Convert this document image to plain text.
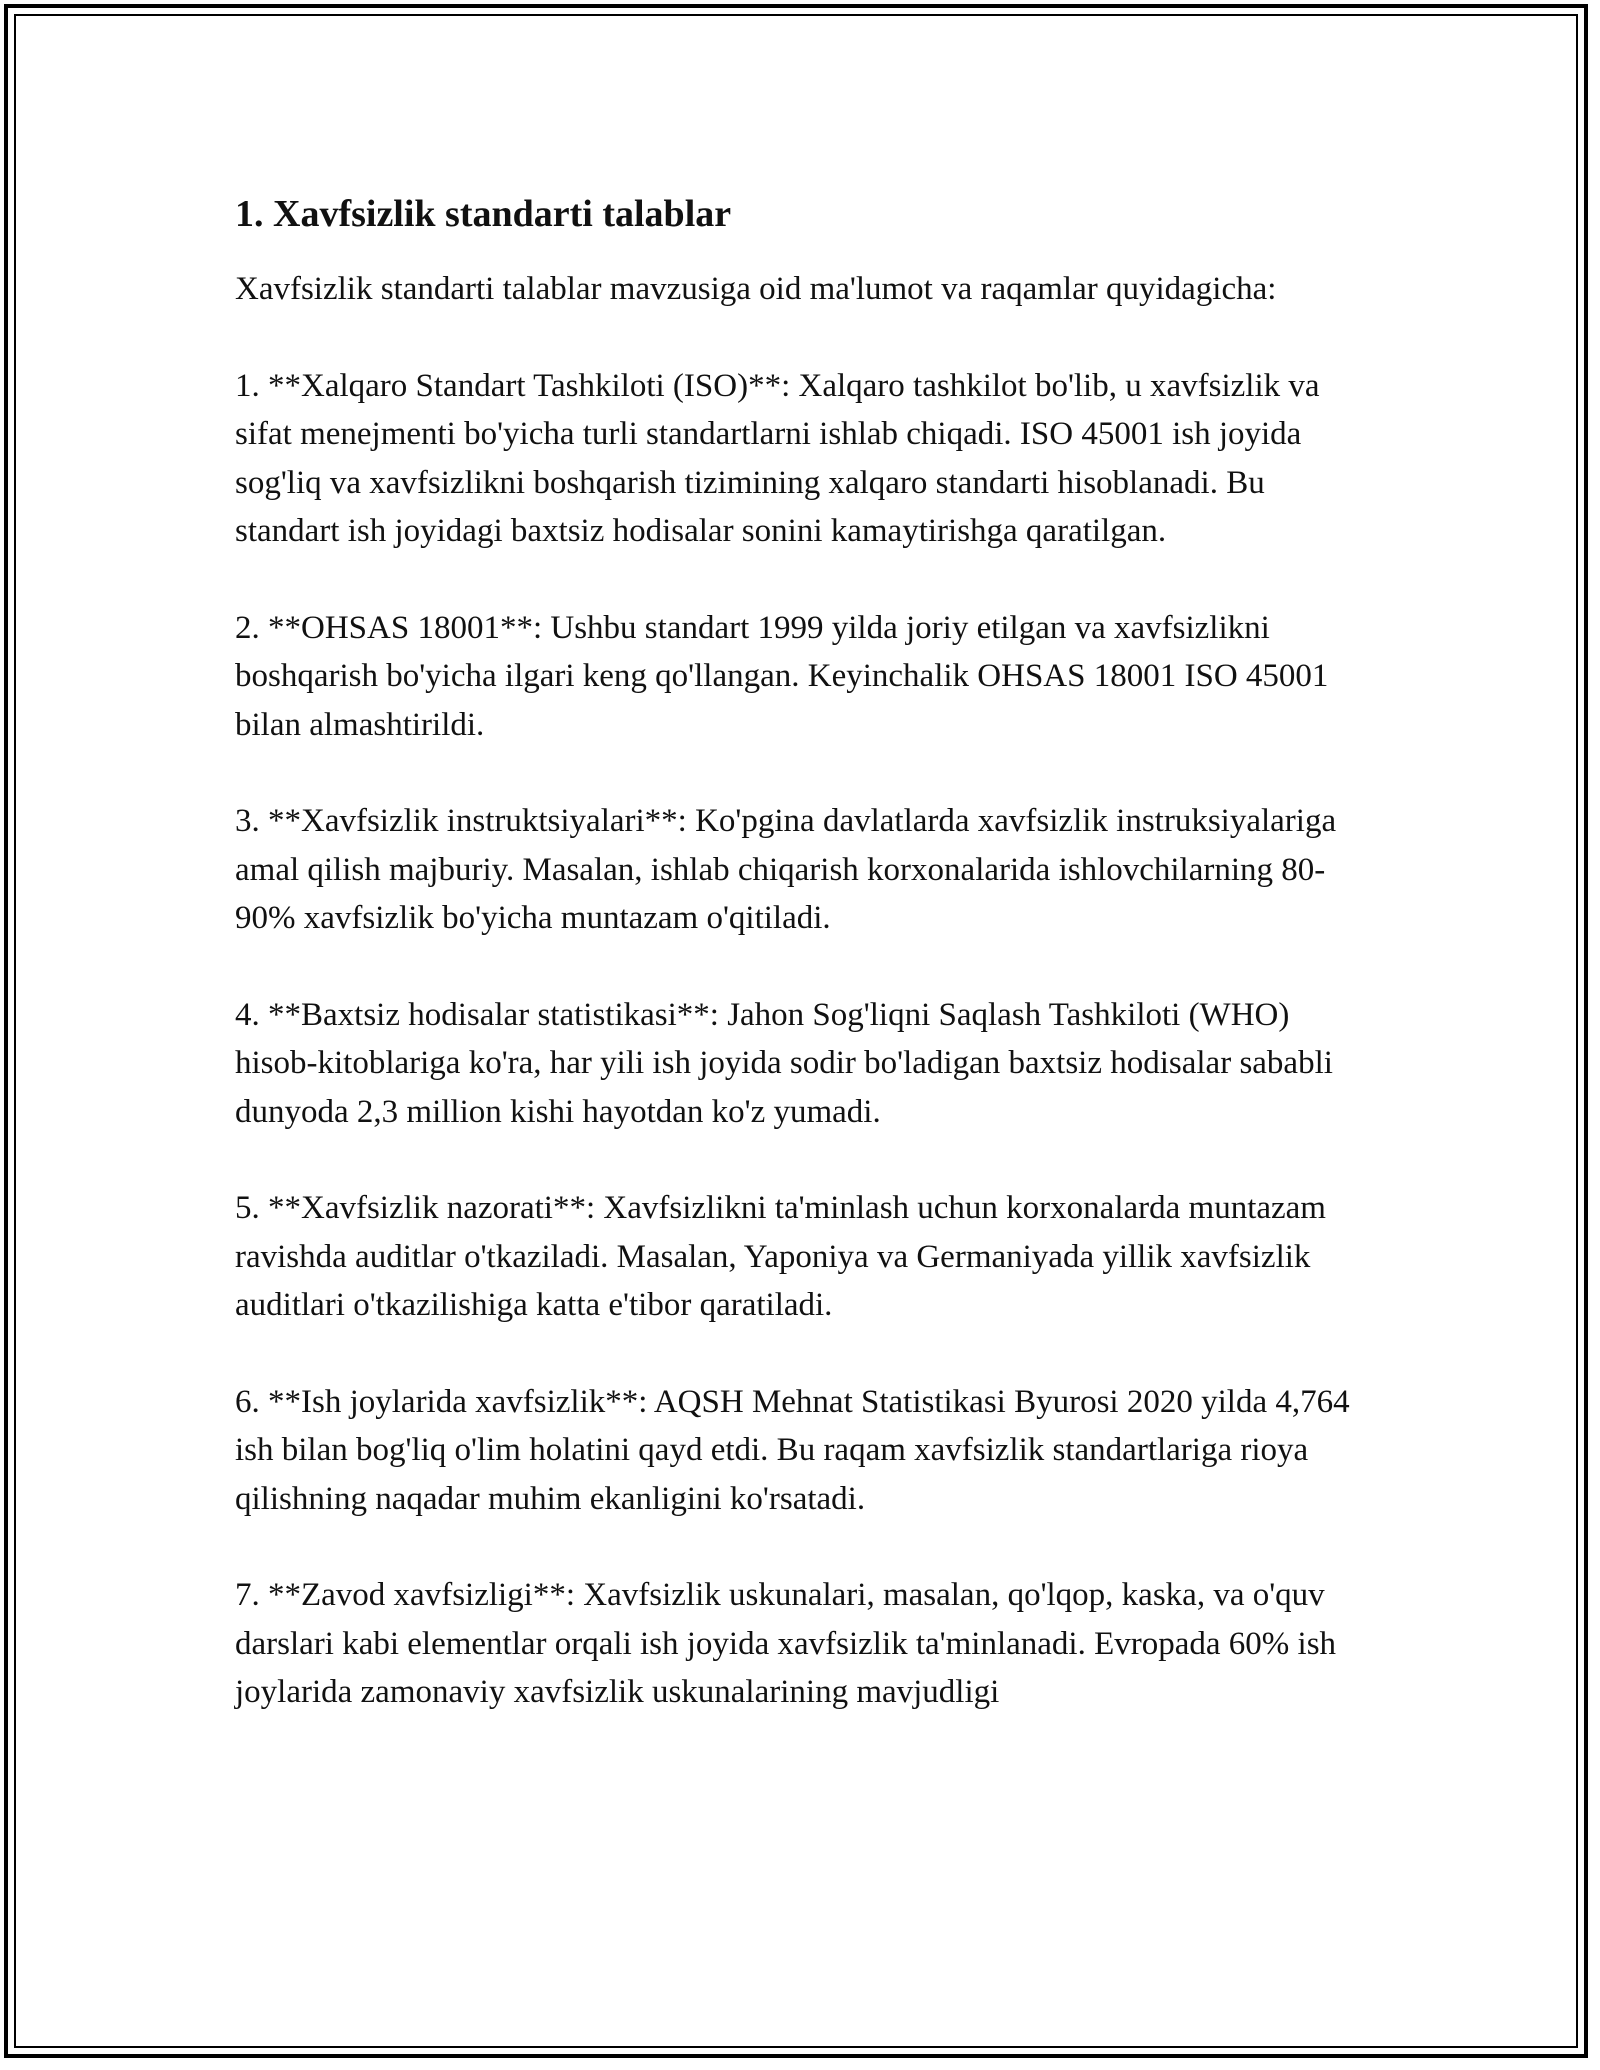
1. Xavfsizlik standarti talablar

Xavfsizlik standarti talablar mavzusiga oid ma'lumot va raqamlar quyidagicha:

1. **Xalqaro Standart Tashkiloti (ISO)**: Xalqaro tashkilot bo'lib, u xavfsizlik va sifat menejmenti bo'yicha turli standartlarni ishlab chiqadi. ISO 45001 ish joyida sog'liq va xavfsizlikni boshqarish tizimining xalqaro standarti hisoblanadi. Bu standart ish joyidagi baxtsiz hodisalar sonini kamaytirishga qaratilgan.

2. **OHSAS 18001**: Ushbu standart 1999 yilda joriy etilgan va xavfsizlikni boshqarish bo'yicha ilgari keng qo'llangan. Keyinchalik OHSAS 18001 ISO 45001 bilan almashtirildi.

3. **Xavfsizlik instruktsiyalari**: Ko'pgina davlatlarda xavfsizlik instruksiyalariga amal qilish majburiy. Masalan, ishlab chiqarish korxonalarida ishlovchilarning 80-90% xavfsizlik bo'yicha muntazam o'qitiladi.

4. **Baxtsiz hodisalar statistikasi**: Jahon Sog'liqni Saqlash Tashkiloti (WHO) hisob-kitoblariga ko'ra, har yili ish joyida sodir bo'ladigan baxtsiz hodisalar sababli dunyoda 2,3 million kishi hayotdan ko'z yumadi.

5. **Xavfsizlik nazorati**: Xavfsizlikni ta'minlash uchun korxonalarda muntazam ravishda auditlar o'tkaziladi. Masalan, Yaponiya va Germaniyada yillik xavfsizlik auditlari o'tkazilishiga katta e'tibor qaratiladi.

6. **Ish joylarida xavfsizlik**: AQSH Mehnat Statistikasi Byurosi 2020 yilda 4,764 ish bilan bog'liq o'lim holatini qayd etdi. Bu raqam xavfsizlik standartlariga rioya qilishning naqadar muhim ekanligini ko'rsatadi.

7. **Zavod xavfsizligi**: Xavfsizlik uskunalari, masalan, qo'lqop, kaska, va o'quv darslari kabi elementlar orqali ish joyida xavfsizlik ta'minlanadi. Evropada 60% ish joylarida zamonaviy xavfsizlik uskunalarining mavjudligi
